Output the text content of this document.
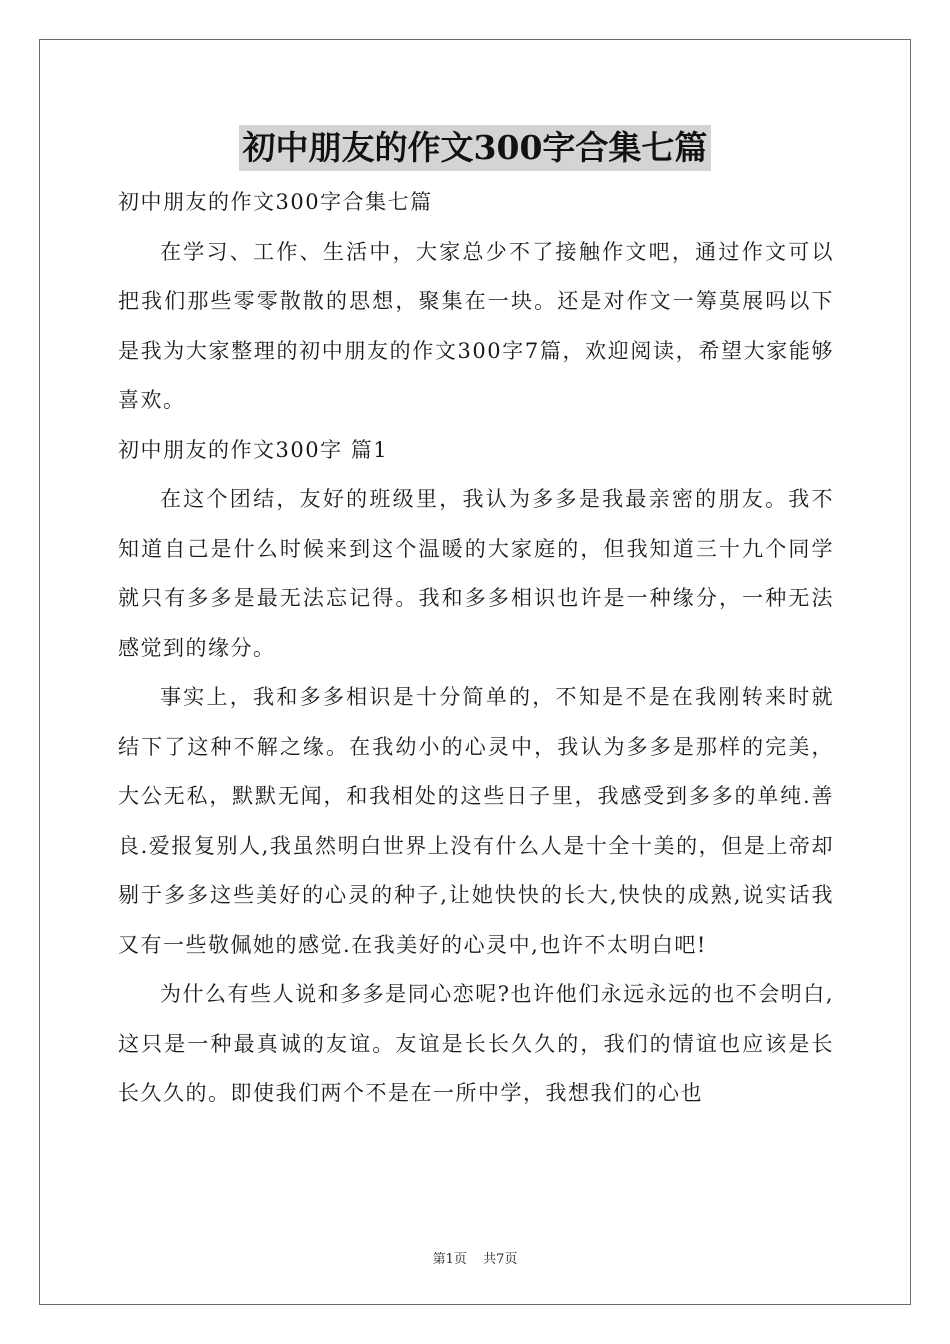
初中朋友的作文300字合集七篇

初中朋友的作文300字合集七篇

在学习、工作、生活中，大家总少不了接触作文吧，通过作文可以把我们那些零零散散的思想，聚集在一块。还是对作文一筹莫展吗以下是我为大家整理的初中朋友的作文300字7篇，欢迎阅读，希望大家能够喜欢。

初中朋友的作文300字 篇1

在这个团结，友好的班级里，我认为多多是我最亲密的朋友。我不知道自己是什么时候来到这个温暖的大家庭的，但我知道三十九个同学就只有多多是最无法忘记得。我和多多相识也许是一种缘分，一种无法感觉到的缘分。

事实上，我和多多相识是十分简单的，不知是不是在我刚转来时就结下了这种不解之缘。在我幼小的心灵中，我认为多多是那样的完美，大公无私，默默无闻，和我相处的这些日子里，我感受到多多的单纯.善良.爱报复别人,我虽然明白世界上没有什么人是十全十美的，但是上帝却剔于多多这些美好的心灵的种子,让她快快的长大,快快的成熟,说实话我又有一些敬佩她的感觉.在我美好的心灵中,也许不太明白吧!

为什么有些人说和多多是同心恋呢?也许他们永远永远的也不会明白,这只是一种最真诚的友谊。友谊是长长久久的，我们的情谊也应该是长长久久的。即使我们两个不是在一所中学，我想我们的心也

第1页 共7页
